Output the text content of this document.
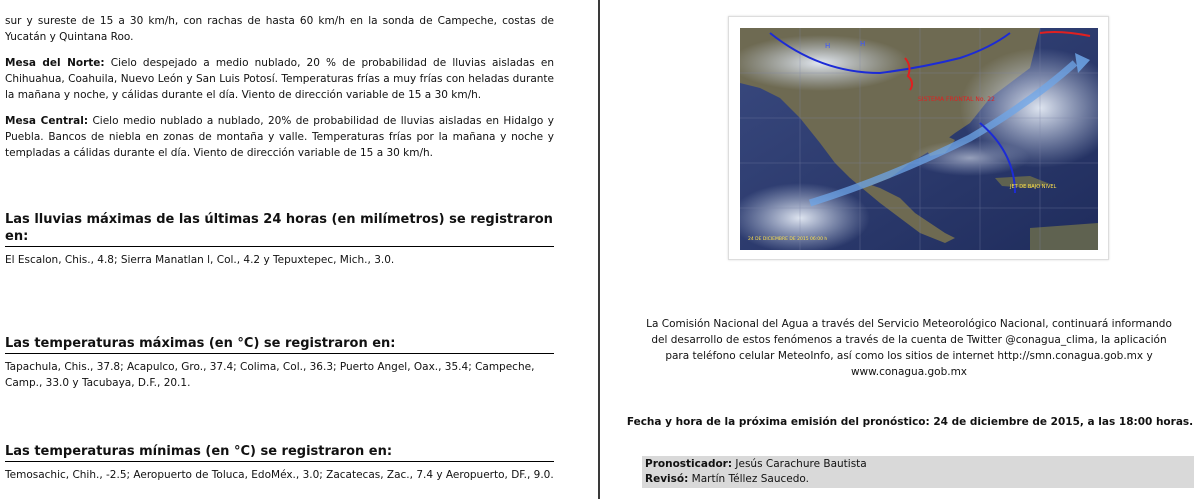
sur y sureste de 15 a 30 km/h, con rachas de hasta 60 km/h en la sonda de Campeche, costas de Yucatán y Quintana Roo.

Mesa del Norte: Cielo despejado a medio nublado, 20 % de probabilidad de lluvias aisladas en Chihuahua, Coahuila, Nuevo León y San Luis Potosí. Temperaturas frías a muy frías con heladas durante la mañana y noche, y cálidas durante el día. Viento de dirección variable de 15 a 30 km/h.

Mesa Central: Cielo medio nublado a nublado, 20% de probabilidad de lluvias aisladas en Hidalgo y Puebla. Bancos de niebla en zonas de montaña y valle. Temperaturas frías por la mañana y noche y templadas a cálidas durante el día. Viento de dirección variable de 15 a 30 km/h.

Las lluvias máximas de las últimas 24 horas (en milímetros) se registraron en:
El Escalon, Chis., 4.8; Sierra Manatlan l, Col., 4.2 y Tepuxtepec, Mich., 3.0.
Las temperaturas máximas (en °C) se registraron en:
Tapachula, Chis., 37.8; Acapulco, Gro., 37.4; Colima, Col., 36.3; Puerto Angel, Oax., 35.4; Campeche, Camp., 33.0 y Tacubaya, D.F., 20.1.
Las temperaturas mínimas (en °C) se registraron en:
Temosachic, Chih., -2.5; Aeropuerto de Toluca, EdoMéx., 3.0; Zacatecas, Zac., 7.4 y Aeropuerto, DF., 9.0.
H	H
SISTEMA FRONTAL No. 22
JET DE BAJO NIVEL
24 DE DICIEMBRE DE 2015 06:00 h

La Comisión Nacional del Agua a través del Servicio Meteorológico Nacional, continuará informando del desarrollo de estos fenómenos a través de la cuenta de Twitter @conagua_clima, la aplicación para teléfono celular MeteoInfo, así como los sitios de internet http://smn.conagua.gob.mx y www.conagua.gob.mx

Fecha y hora de la próxima emisión del pronóstico: 24 de diciembre de 2015, a las 18:00 horas.

Pronosticador: Jesús Carachure Bautista
Revisó: Martín Téllez Saucedo.
